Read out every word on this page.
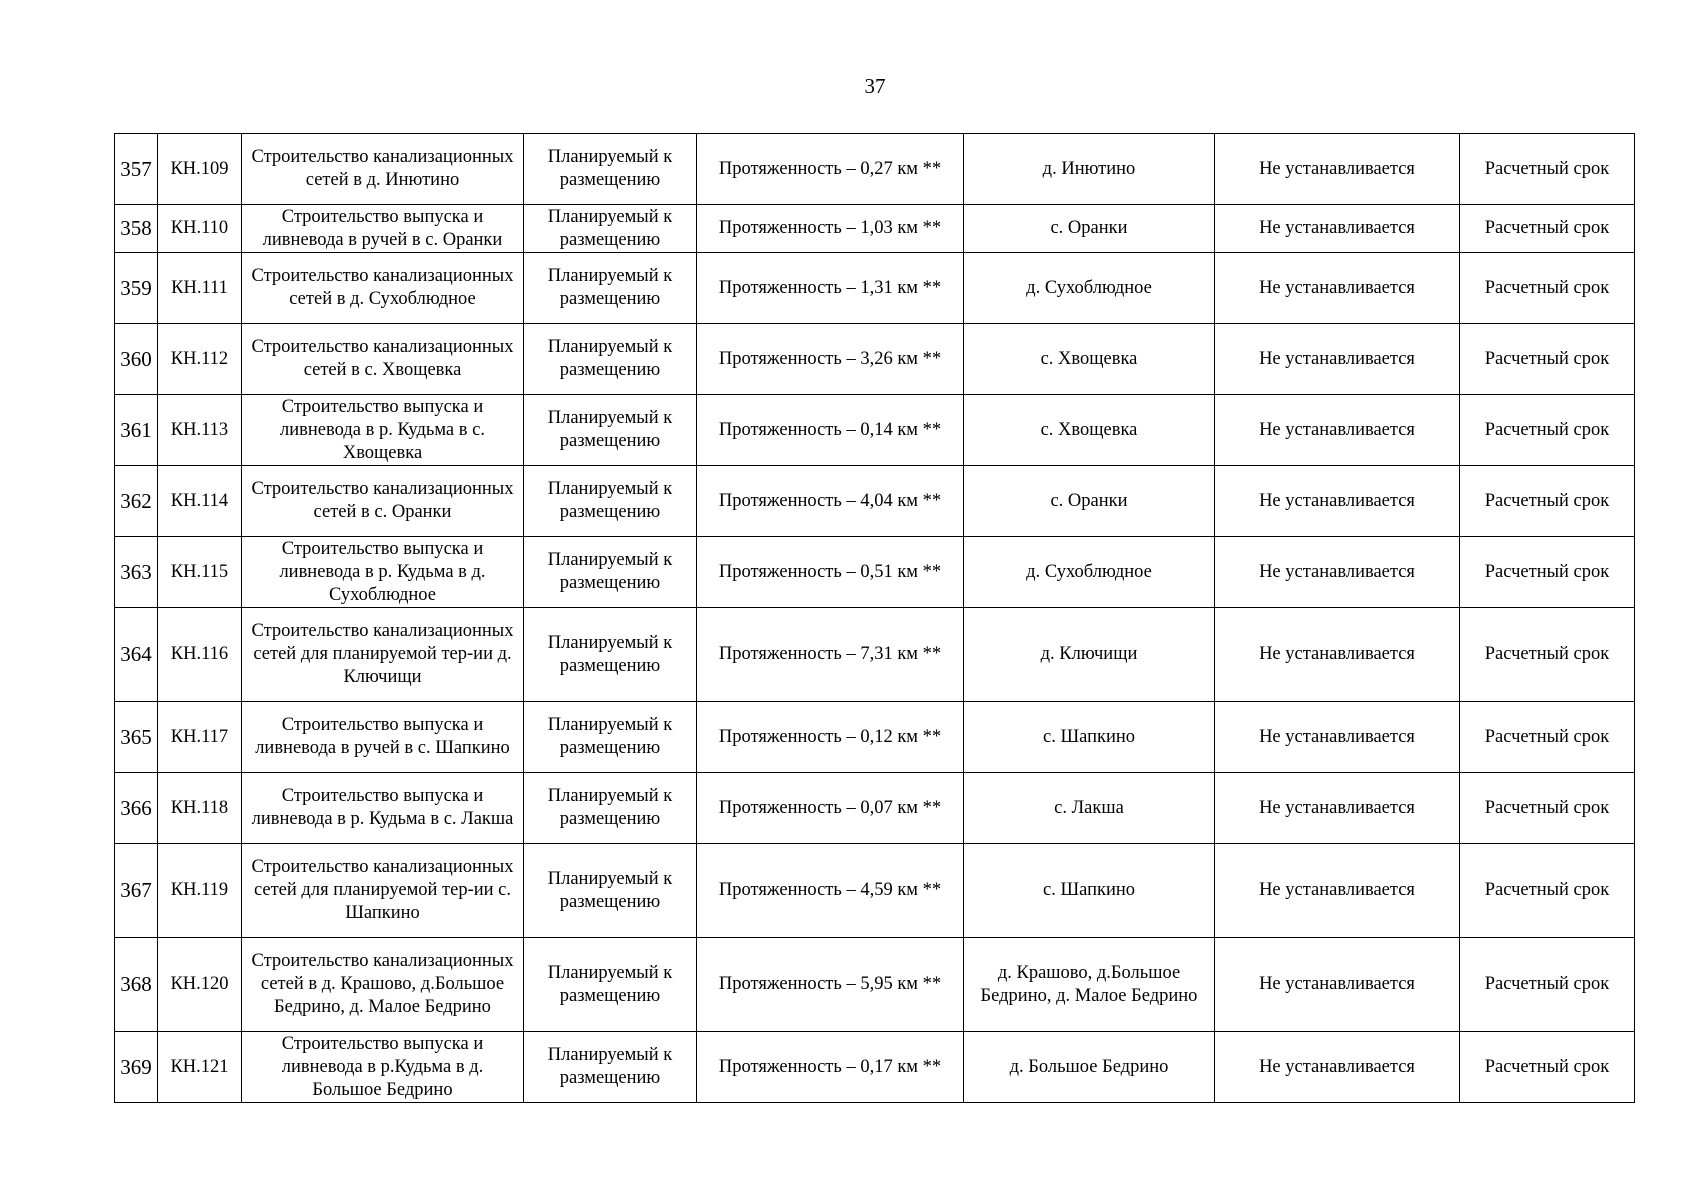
37
357	КН.109	Строительство канализационных сетей в д. Инютино	Планируемый к размещению	Протяженность – 0,27 км **	д. Инютино	Не устанавливается	Расчетный срок
358	КН.110	Строительство выпуска и ливневода в ручей в с. Оранки	Планируемый к размещению	Протяженность – 1,03 км **	с. Оранки	Не устанавливается	Расчетный срок
359	КН.111	Строительство канализационных сетей в д. Сухоблюдное	Планируемый к размещению	Протяженность – 1,31 км **	д. Сухоблюдное	Не устанавливается	Расчетный срок
360	КН.112	Строительство канализационных сетей в с. Хвощевка	Планируемый к размещению	Протяженность – 3,26 км **	с. Хвощевка	Не устанавливается	Расчетный срок
361	КН.113	Строительство выпуска и ливневода в р. Кудьма в с. Хвощевка	Планируемый к размещению	Протяженность – 0,14 км **	с. Хвощевка	Не устанавливается	Расчетный срок
362	КН.114	Строительство канализационных сетей в с. Оранки	Планируемый к размещению	Протяженность – 4,04 км **	с. Оранки	Не устанавливается	Расчетный срок
363	КН.115	Строительство выпуска и ливневода в р. Кудьма в д. Сухоблюдное	Планируемый к размещению	Протяженность – 0,51 км **	д. Сухоблюдное	Не устанавливается	Расчетный срок
364	КН.116	Строительство канализационных сетей для планируемой тер-ии д. Ключищи	Планируемый к размещению	Протяженность – 7,31 км **	д. Ключищи	Не устанавливается	Расчетный срок
365	КН.117	Строительство выпуска и ливневода в ручей в с. Шапкино	Планируемый к размещению	Протяженность – 0,12 км **	с. Шапкино	Не устанавливается	Расчетный срок
366	КН.118	Строительство выпуска и ливневода в р. Кудьма в с. Лакша	Планируемый к размещению	Протяженность – 0,07 км **	с. Лакша	Не устанавливается	Расчетный срок
367	КН.119	Строительство канализационных сетей для планируемой тер-ии с. Шапкино	Планируемый к размещению	Протяженность – 4,59 км **	с. Шапкино	Не устанавливается	Расчетный срок
368	КН.120	Строительство канализационных сетей в д. Крашово, д.Большое Бедрино, д. Малое Бедрино	Планируемый к размещению	Протяженность – 5,95 км **	д. Крашово, д.Большое Бедрино, д. Малое Бедрино	Не устанавливается	Расчетный срок
369	КН.121	Строительство выпуска и ливневода в р.Кудьма в д. Большое Бедрино	Планируемый к размещению	Протяженность – 0,17 км **	д. Большое Бедрино	Не устанавливается	Расчетный срок
